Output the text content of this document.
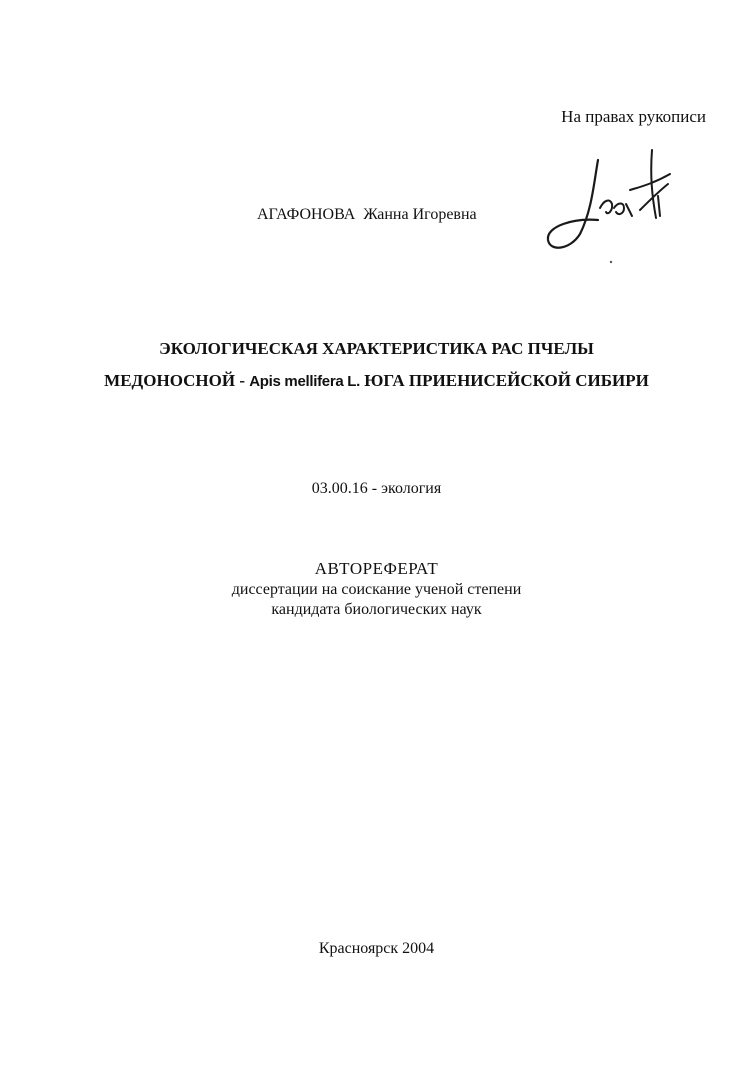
На правах рукописи
АГАФОНОВА Жанна Игоревна
ЭКОЛОГИЧЕСКАЯ ХАРАКТЕРИСТИКА РАС ПЧЕЛЫ
МЕДОНОСНОЙ - Apis mellifera L. ЮГА ПРИЕНИСЕЙСКОЙ СИБИРИ
03.00.16 - экология
АВТОРЕФЕРАТ
диссертации на соискание ученой степени
кандидата биологических наук
Красноярск 2004
